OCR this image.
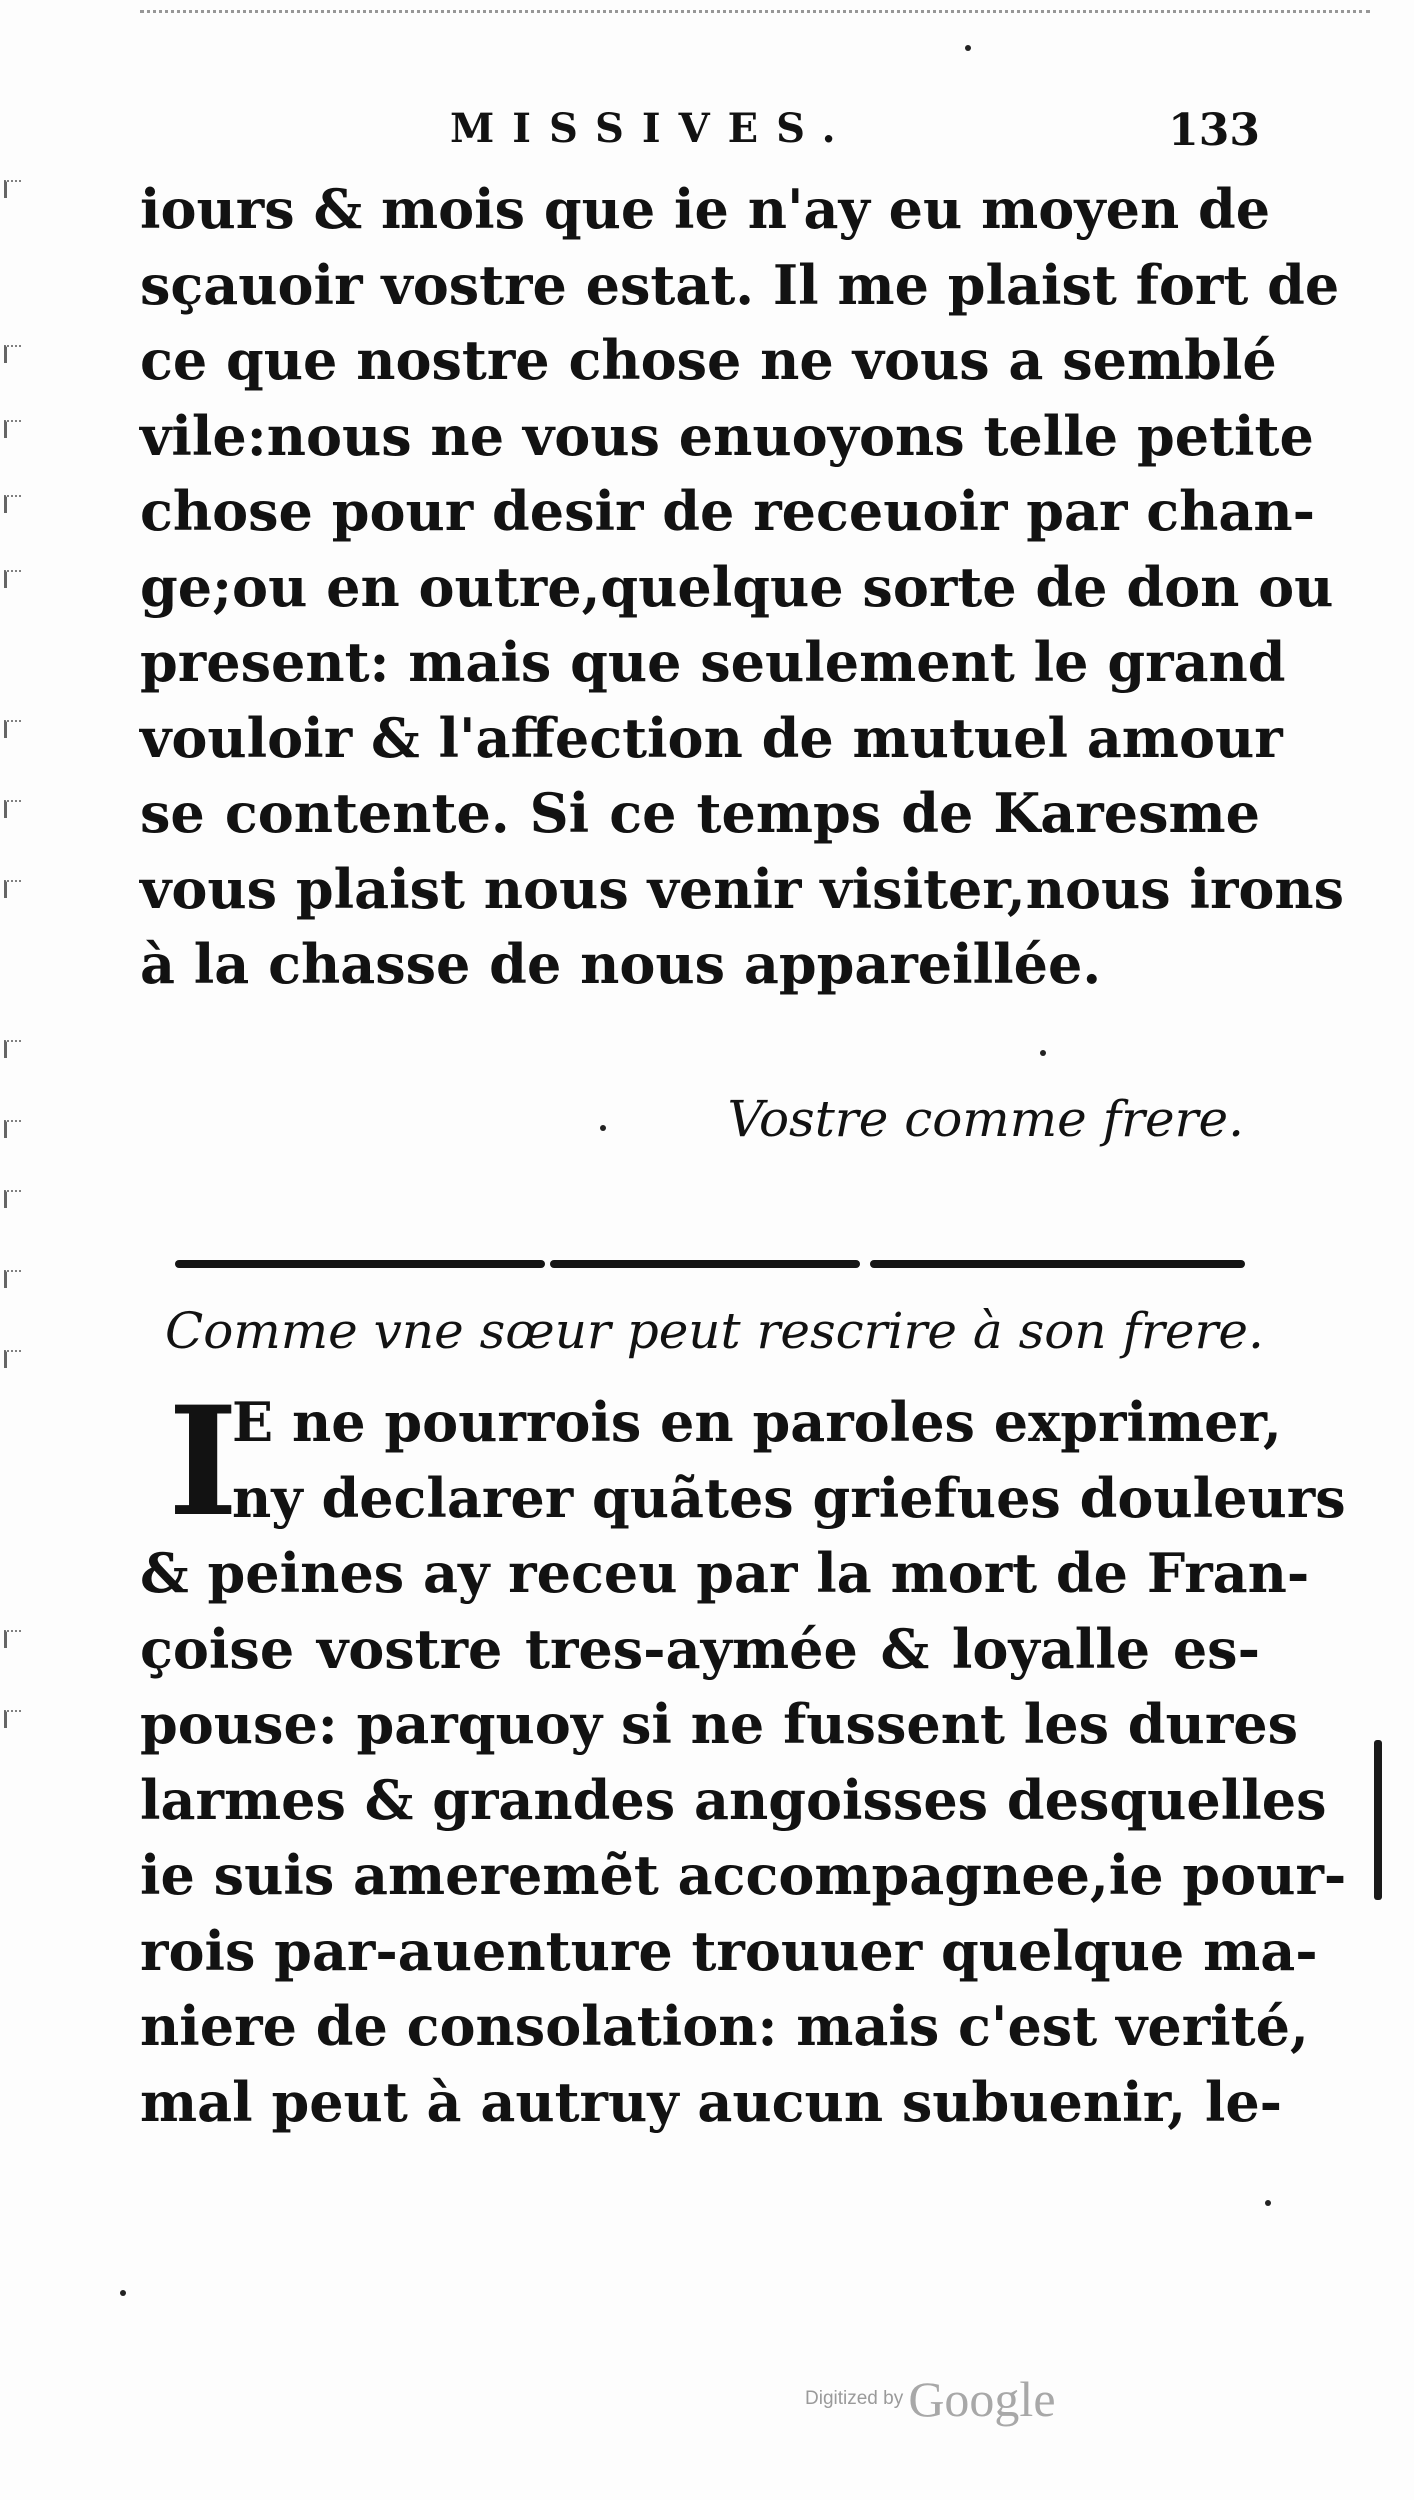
MISSIVES.	133
iours & mois que ie n'ay eu moyen de
sçauoir vostre estat. Il me plaist fort de
ce que nostre chose ne vous a semblé
vile:nous ne vous enuoyons telle petite
chose pour desir de receuoir par chan-
ge;ou en outre,quelque sorte de don ou
present: mais que seulement le grand
vouloir & l'affection de mutuel amour
se contente. Si ce temps de Karesme
vous plaist nous venir visiter,nous irons
à la chasse de nous appareillée.
Vostre comme frere.
Comme vne sœur peut rescrire à son frere.
I
E ne pourrois en paroles exprimer,
ny declarer quãtes griefues douleurs
& peines ay receu par la mort de Fran-
çoise vostre tres-aymée & loyalle es-
pouse: parquoy si ne fussent les dures
larmes & grandes angoisses desquelles
ie suis ameremẽt accompagnee,ie pour-
rois par-auenture trouuer quelque ma-
niere de consolation: mais c'est verité,
mal peut à autruy aucun subuenir, le-
Digitized by Google
